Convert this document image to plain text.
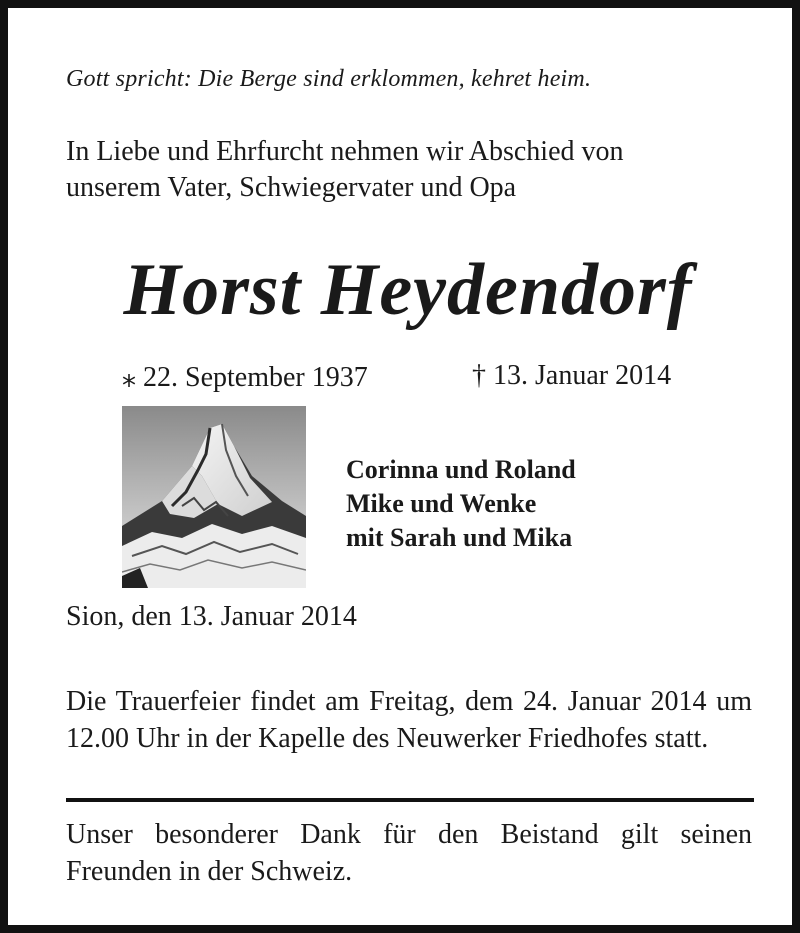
Gott spricht: Die Berge sind erklommen, kehret heim.
In Liebe und Ehrfurcht nehmen wir Abschied von
unserem Vater, Schwiegervater und Opa
Horst Heydendorf
⁎ 22. September 1937	† 13. Januar 2014
Corinna und Roland
Mike und Wenke
mit Sarah und Mika
Sion, den 13. Januar 2014
Die Trauerfeier findet am Freitag, dem 24. Januar 2014 um 12.00 Uhr in der Kapelle des Neuwerker Friedhofes statt.
Unser besonderer Dank für den Beistand gilt seinen Freunden in der Schweiz.
